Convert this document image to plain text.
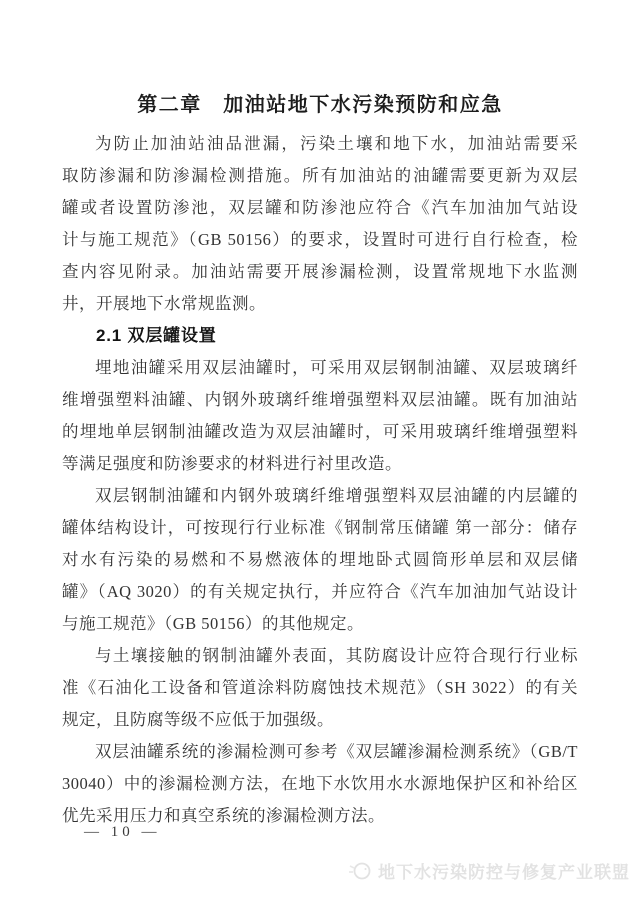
第二章　加油站地下水污染预防和应急
为防止加油站油品泄漏，污染土壤和地下水，加油站需要采
取防渗漏和防渗漏检测措施。所有加油站的油罐需要更新为双层
罐或者设置防渗池，双层罐和防渗池应符合《汽车加油加气站设
计与施工规范》（GB 50156）的要求，设置时可进行自行检查，检
查内容见附录。加油站需要开展渗漏检测，设置常规地下水监测
井，开展地下水常规监测。
2.1 双层罐设置
埋地油罐采用双层油罐时，可采用双层钢制油罐、双层玻璃纤
维增强塑料油罐、内钢外玻璃纤维增强塑料双层油罐。既有加油站
的埋地单层钢制油罐改造为双层油罐时，可采用玻璃纤维增强塑料
等满足强度和防渗要求的材料进行衬里改造。
双层钢制油罐和内钢外玻璃纤维增强塑料双层油罐的内层罐的
罐体结构设计，可按现行行业标准《钢制常压储罐 第一部分：储存
对水有污染的易燃和不易燃液体的埋地卧式圆筒形单层和双层储
罐》（AQ 3020）的有关规定执行，并应符合《汽车加油加气站设计
与施工规范》（GB 50156）的其他规定。
与土壤接触的钢制油罐外表面，其防腐设计应符合现行行业标
准《石油化工设备和管道涂料防腐蚀技术规范》（SH 3022）的有关
规定，且防腐等级不应低于加强级。
双层油罐系统的渗漏检测可参考《双层罐渗漏检测系统》（GB/T
30040）中的渗漏检测方法，在地下水饮用水水源地保护区和补给区
优先采用压力和真空系统的渗漏检测方法。
— 10 —
地下水污染防控与修复产业联盟
